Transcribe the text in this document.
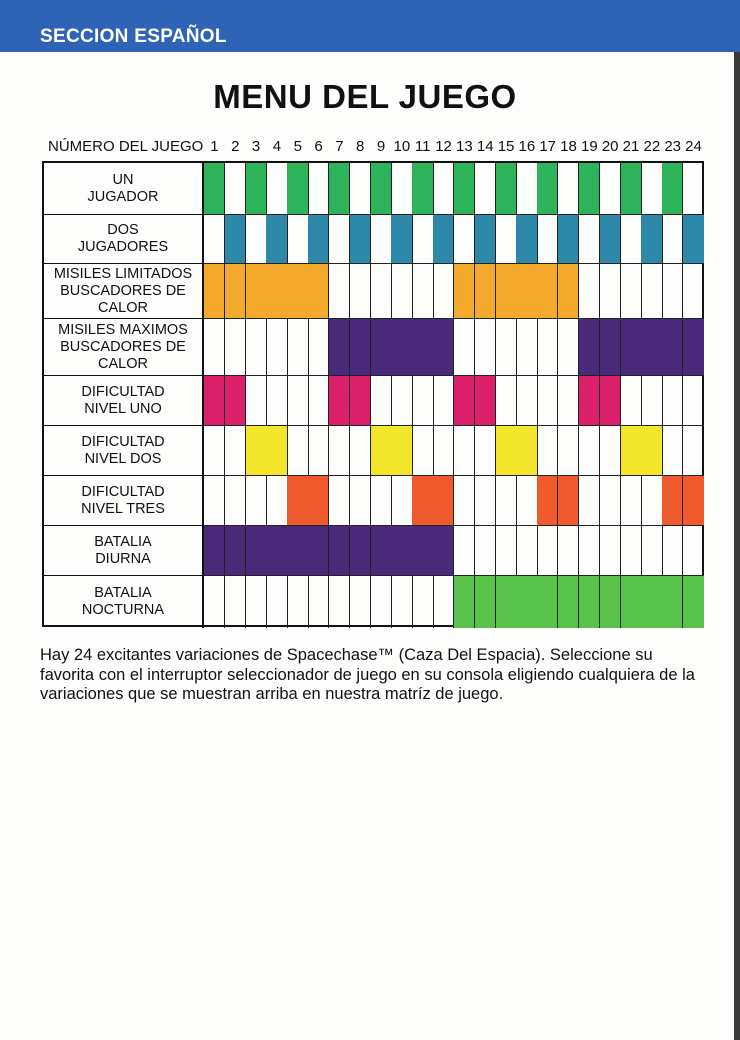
SECCION ESPAÑOL
MENU DEL JUEGO
NÚMERO DEL JUEGO
UN
JUGADOR
DOS
JUGADORES
MISILES LIMITADOS
BUSCADORES DE
CALOR
MISILES MAXIMOS
BUSCADORES DE
CALOR
DIFICULTAD
NIVEL UNO
DIFICULTAD
NIVEL DOS
DIFICULTAD
NIVEL TRES
BATALIA
DIURNA
BATALIA
NOCTURNA
Hay 24 excitantes variaciones de Spacechase™ (Caza Del Espacia). Seleccione su favorita con el interruptor seleccionador de juego en su consola eligiendo cualquiera de la variaciones que se muestran arriba en nuestra matríz de juego.
1 2 3 4 5 6 7 8 9 10 11 12 13 14 15 16 17 18 19 20 21 22 23 24
